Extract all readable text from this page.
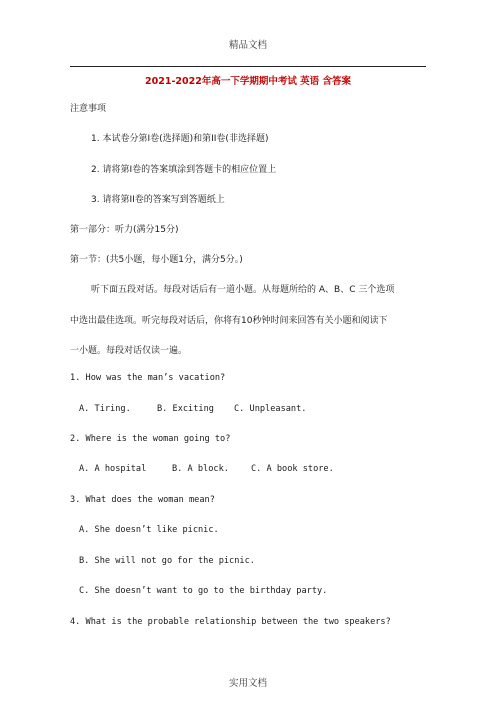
精品文档
2021-2022年高一下学期期中考试 英语 含答案
注意事项
1. 本试卷分第Ⅰ卷(选择题)和第II卷(非选择题)
2. 请将第Ⅰ卷的答案填涂到答题卡的相应位置上
3. 请将第II卷的答案写到答题纸上
第一部分：听力(满分15分)
第一节：(共5小题，每小题1分，满分5分。)
听下面五段对话。每段对话后有一道小题。从每题所给的 A、B、C 三个选项
中选出最佳选项。听完每段对话后，你将有10秒钟时间来回答有关小题和阅读下
一小题。每段对话仅读一遍。
1. How was the man’s vacation?
A. Tiring.	B. Exciting C. Unpleasant.
2. Where is the woman going to?
A. A hospital	B. A block.	C. A book store.
3. What does the woman mean?
A. She doesn’t like picnic.
B. She will not go for the picnic.
C. She doesn’t want to go to the birthday party.
4. What is the probable relationship between the two speakers?
实用文档
